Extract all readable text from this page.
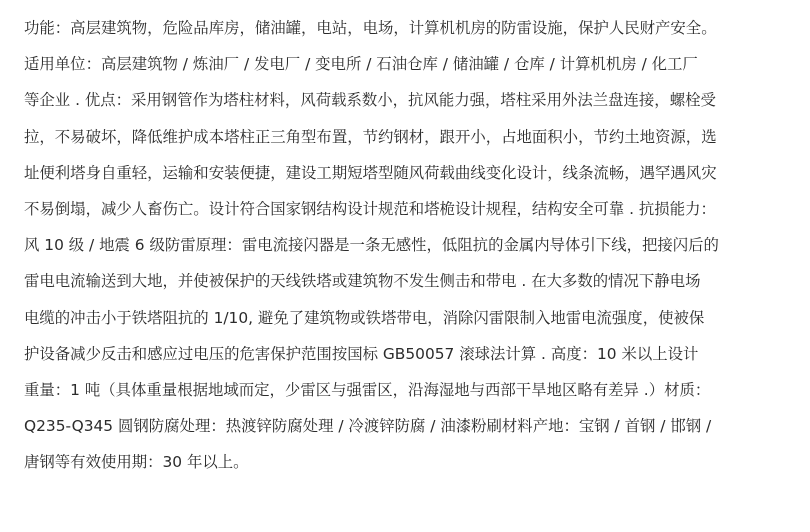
功能：高层建筑物，危险品库房，储油罐，电站，电场，计算机机房的防雷设施，保护人民财产安全。
适用单位：高层建筑物 / 炼油厂 / 发电厂 / 变电所 / 石油仓库 / 储油罐 / 仓库 / 计算机机房 / 化工厂
等企业 . 优点：采用钢管作为塔柱材料，风荷载系数小，抗风能力强，塔柱采用外法兰盘连接，螺栓受
拉，不易破坏，降低维护成本塔柱正三角型布置，节约钢材，跟开小，占地面积小，节约土地资源，选
址便利塔身自重轻，运输和安装便捷，建设工期短塔型随风荷载曲线变化设计，线条流畅，遇罕遇风灾
不易倒塌，减少人畜伤亡。设计符合国家钢结构设计规范和塔桅设计规程，结构安全可靠 . 抗损能力：
风 10 级 / 地震 6 级防雷原理：雷电流接闪器是一条无感性，低阻抗的金属内导体引下线，把接闪后的
雷电电流输送到大地，并使被保护的天线铁塔或建筑物不发生侧击和带电 . 在大多数的情况下静电场
电缆的冲击小于铁塔阻抗的 1/10, 避免了建筑物或铁塔带电，消除闪雷限制入地雷电流强度，使被保
护设备减少反击和感应过电压的危害保护范围按国标 GB50057 滚球法计算 . 高度：10 米以上设计
重量：1 吨（具体重量根据地域而定，少雷区与强雷区，沿海湿地与西部干旱地区略有差异 .）材质：
Q235-Q345 圆钢防腐处理：热渡锌防腐处理 / 冷渡锌防腐 / 油漆粉刷材料产地：宝钢 / 首钢 / 邯钢 /
唐钢等有效使用期：30 年以上。
